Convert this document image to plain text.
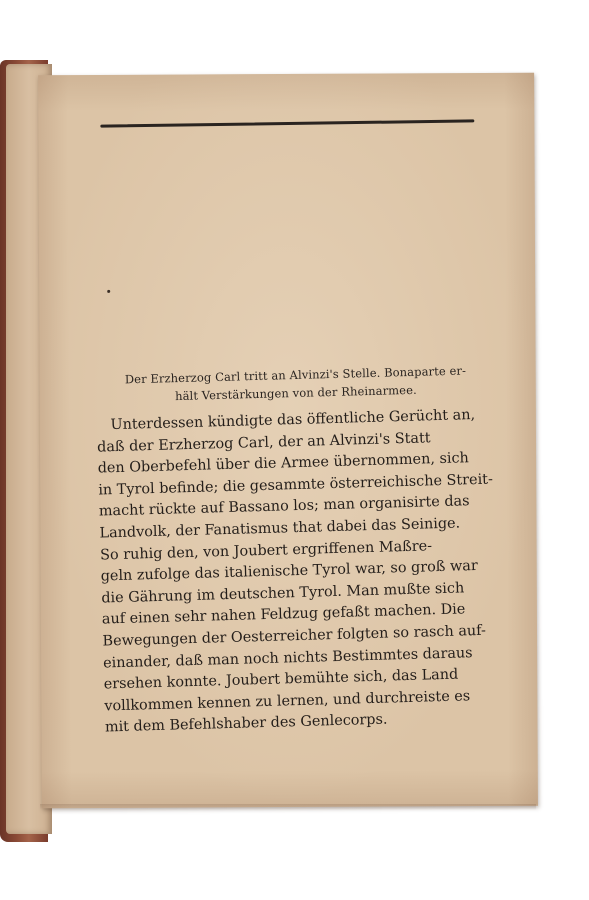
Der Erzherzog Carl tritt an Alvinzi's Stelle. Bonaparte er-
hält Verstärkungen von der Rheinarmee.
Unterdessen kündigte das öffentliche Gerücht an,
daß der Erzherzog Carl, der an Alvinzi's Statt
den Oberbefehl über die Armee übernommen, sich
in Tyrol befinde; die gesammte österreichische Streit-
macht rückte auf Bassano los; man organisirte das
Landvolk, der Fanatismus that dabei das Seinige.
So ruhig den, von Joubert ergriffenen Maßre-
geln zufolge das italienische Tyrol war, so groß war
die Gährung im deutschen Tyrol. Man mußte sich
auf einen sehr nahen Feldzug gefaßt machen. Die
Bewegungen der Oesterreicher folgten so rasch auf-
einander, daß man noch nichts Bestimmtes daraus
ersehen konnte. Joubert bemühte sich, das Land
vollkommen kennen zu lernen, und durchreiste es
mit dem Befehlshaber des Genlecorps.
